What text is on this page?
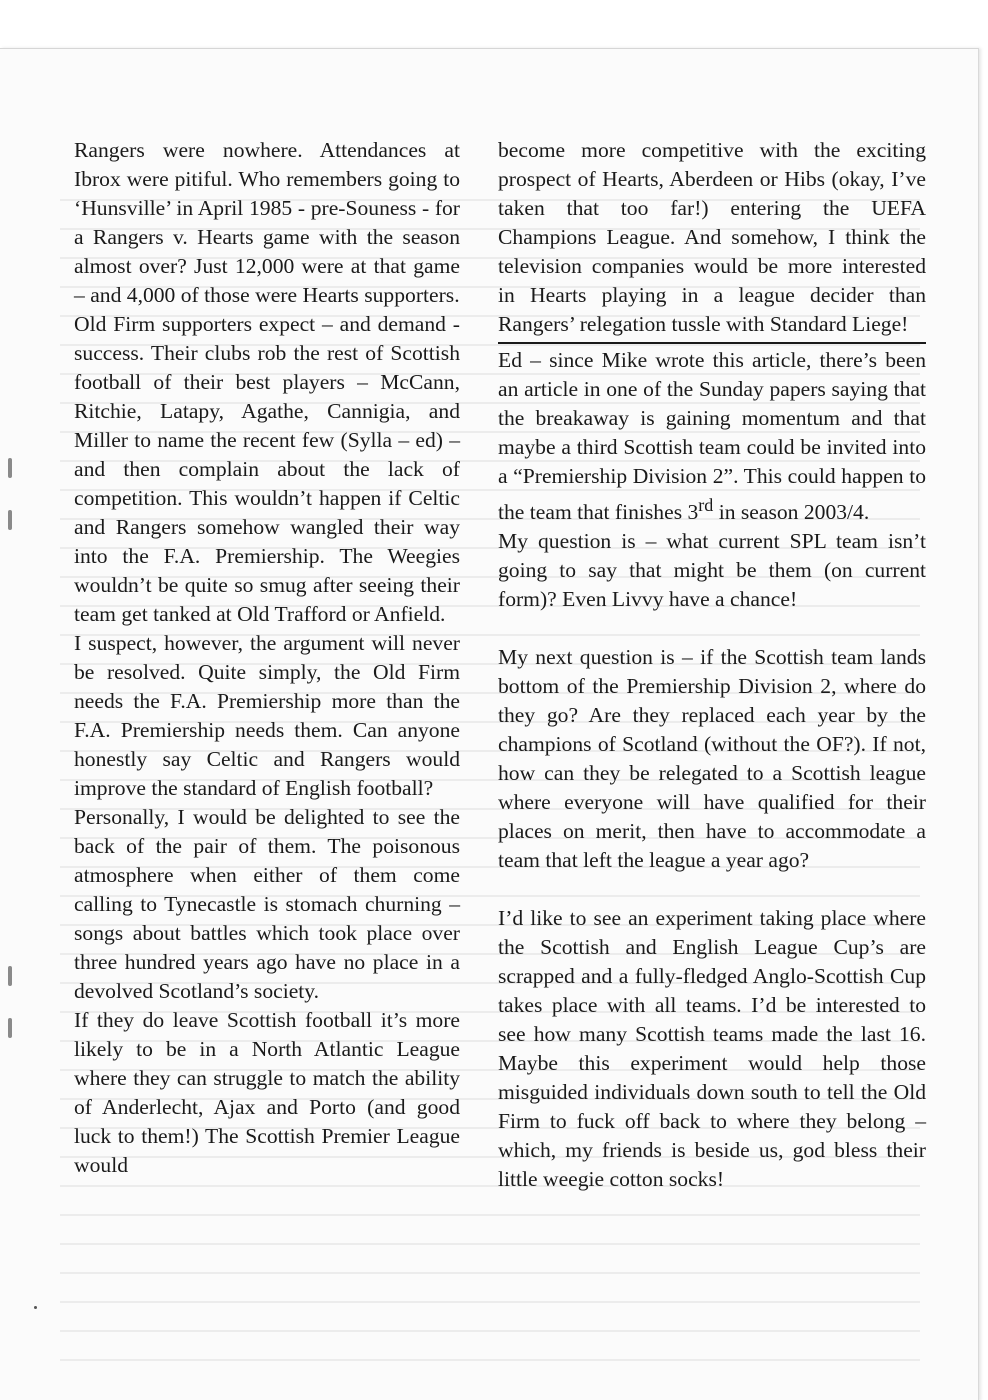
Rangers were nowhere. Attendances at Ibrox were pitiful. Who remembers going to ‘Hunsville’ in April 1985 - pre-Souness - for a Rangers v. Hearts game with the season almost over? Just 12,000 were at that game – and 4,000 of those were Hearts supporters.

Old Firm supporters expect – and demand - success. Their clubs rob the rest of Scottish football of their best players – McCann, Ritchie, Latapy, Agathe, Cannigia, and Miller to name the recent few (Sylla – ed) – and then complain about the lack of competition. This wouldn’t happen if Celtic and Rangers somehow wangled their way into the F.A. Premiership. The Weegies wouldn’t be quite so smug after seeing their team get tanked at Old Trafford or Anfield.

I suspect, however, the argument will never be resolved. Quite simply, the Old Firm needs the F.A. Premiership more than the F.A. Premiership needs them. Can anyone honestly say Celtic and Rangers would improve the standard of English football?

Personally, I would be delighted to see the back of the pair of them. The poisonous atmosphere when either of them come calling to Tynecastle is stomach churning – songs about battles which took place over three hundred years ago have no place in a devolved Scotland’s society.

If they do leave Scottish football it’s more likely to be in a North Atlantic League where they can struggle to match the ability of Anderlecht, Ajax and Porto (and good luck to them!) The Scottish Premier League would

become more competitive with the exciting prospect of Hearts, Aberdeen or Hibs (okay, I’ve taken that too far!) entering the UEFA Champions League. And somehow, I think the television companies would be more interested in Hearts playing in a league decider than Rangers’ relegation tussle with Standard Liege!

Ed – since Mike wrote this article, there’s been an article in one of the Sunday papers saying that the breakaway is gaining momentum and that maybe a third Scottish team could be invited into a “Premiership Division 2”. This could happen to the team that finishes 3rd in season 2003/4.

My question is – what current SPL team isn’t going to say that might be them (on current form)? Even Livvy have a chance!

My next question is – if the Scottish team lands bottom of the Premiership Division 2, where do they go? Are they replaced each year by the champions of Scotland (without the OF?). If not, how can they be relegated to a Scottish league where everyone will have qualified for their places on merit, then have to accommodate a team that left the league a year ago?

I’d like to see an experiment taking place where the Scottish and English League Cup’s are scrapped and a fully-fledged Anglo-Scottish Cup takes place with all teams. I’d be interested to see how many Scottish teams made the last 16. Maybe this experiment would help those misguided individuals down south to tell the Old Firm to fuck off back to where they belong – which, my friends is beside us, god bless their little weegie cotton socks!
